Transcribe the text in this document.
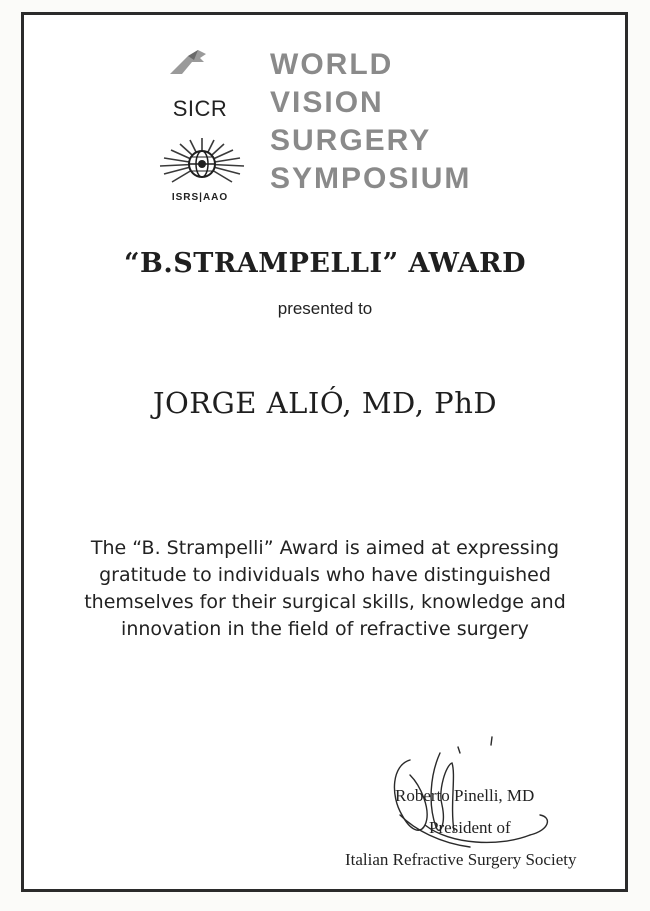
SICR
ISRS|AAO
WORLD
VISION
SURGERY
SYMPOSIUM
“B.STRAMPELLI” AWARD
presented to
JORGE ALIÓ, MD, PhD
The “B. Strampelli” Award is aimed at expressing
gratitude to individuals who have distinguished
themselves for their surgical skills, knowledge and
innovation in the field of refractive surgery
Roberto Pinelli, MD
President of
Italian Refractive Surgery Society
